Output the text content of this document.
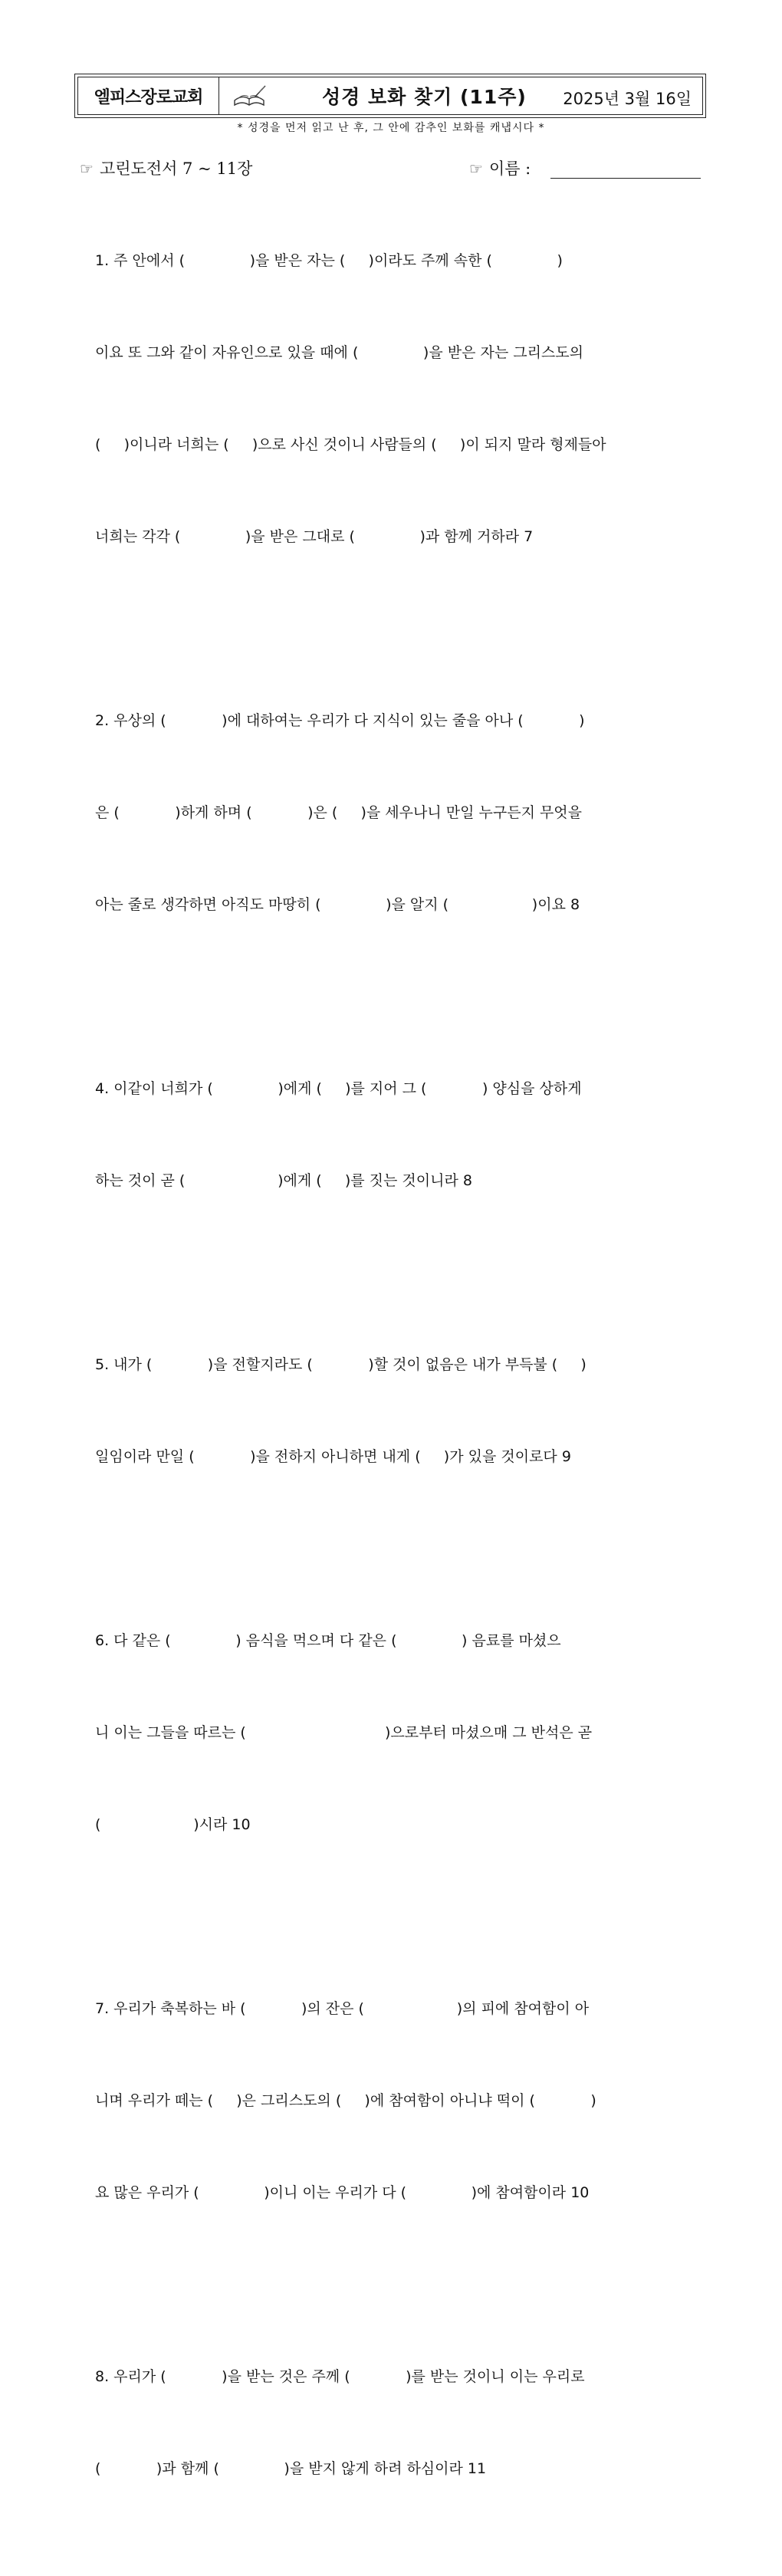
엘피스장로교회	성경 보화 찾기 (11주) 2025년 3월 16일
* 성경을 먼저 읽고 난 후, 그 안에 감추인 보화를 캐냅시다 *
☞ 고린도전서 7 ~ 11장	☞ 이름 :

1. 주 안에서 (              )을 받은 자는 (     )이라도 주께 속한 (              )

이요 또 그와 같이 자유인으로 있을 때에 (              )을 받은 자는 그리스도의

(     )이니라 너희는 (     )으로 사신 것이니 사람들의 (     )이 되지 말라 형제들아

너희는 각각 (              )을 받은 그대로 (              )과 함께 거하라 7

2. 우상의 (            )에 대하여는 우리가 다 지식이 있는 줄을 아나 (            )

은 (            )하게 하며 (            )은 (     )을 세우나니 만일 누구든지 무엇을

아는 줄로 생각하면 아직도 마땅히 (              )을 알지 (                  )이요 8

4. 이같이 너희가 (              )에게 (     )를 지어 그 (            ) 양심을 상하게

하는 것이 곧 (                    )에게 (     )를 짓는 것이니라 8

5. 내가 (            )을 전할지라도 (            )할 것이 없음은 내가 부득불 (     )

일임이라 만일 (            )을 전하지 아니하면 내게 (     )가 있을 것이로다 9

6. 다 같은 (              ) 음식을 먹으며 다 같은 (              ) 음료를 마셨으

니 이는 그들을 따르는 (                              )으로부터 마셨으매 그 반석은 곧

(                    )시라 10

7. 우리가 축복하는 바 (            )의 잔은 (                    )의 피에 참여함이 아

니며 우리가 떼는 (     )은 그리스도의 (     )에 참여함이 아니냐 떡이 (            )

요 많은 우리가 (              )이니 이는 우리가 다 (              )에 참여함이라 10

8. 우리가 (            )을 받는 것은 주께 (            )를 받는 것이니 이는 우리로

(            )과 함께 (              )을 받지 않게 하려 하심이라 11
